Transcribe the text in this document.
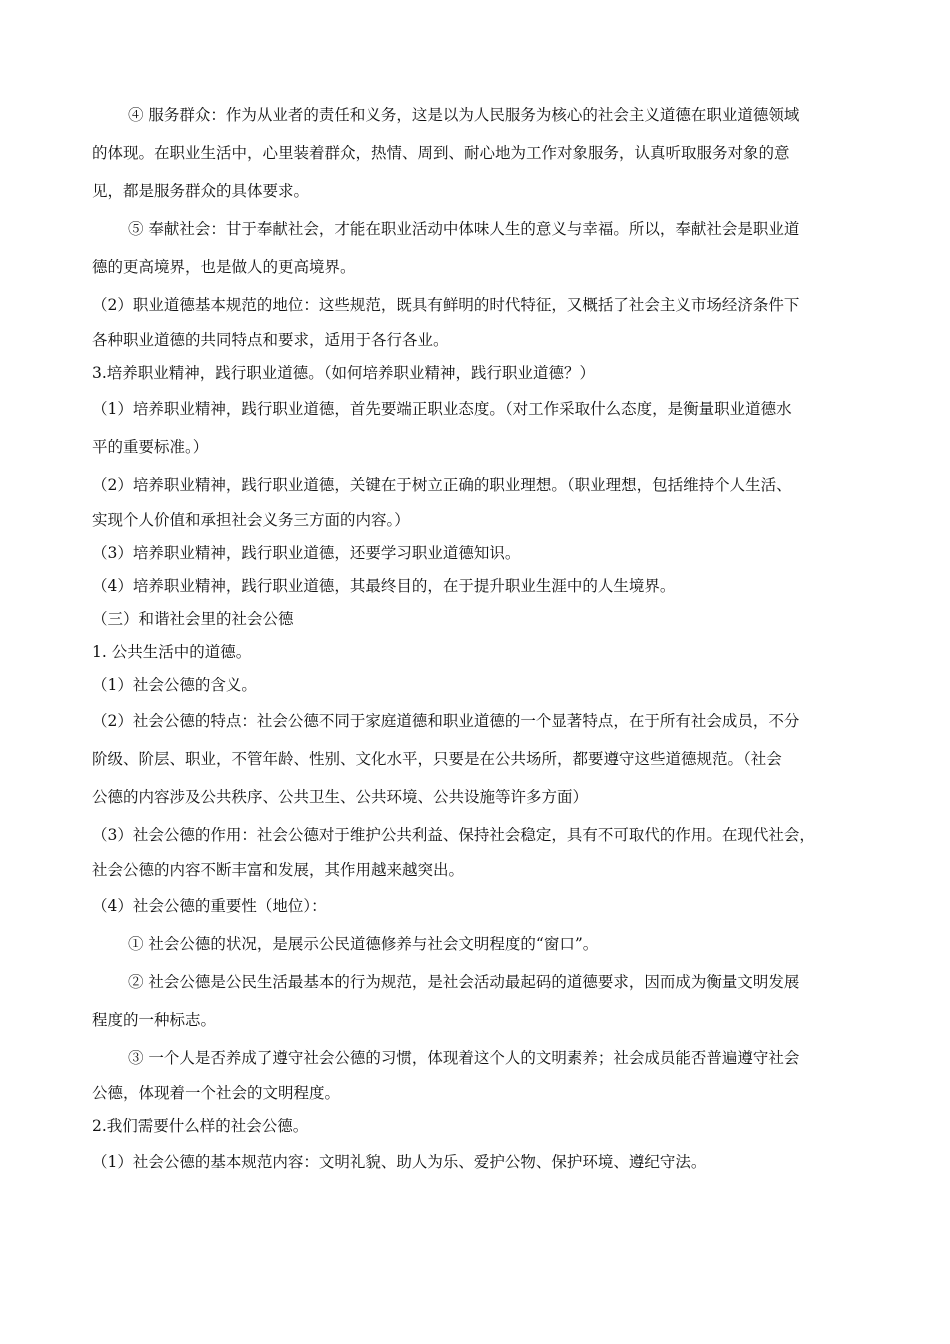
④ 服务群众：作为从业者的责任和义务，这是以为人民服务为核心的社会主义道德在职业道德领域
的体现。在职业生活中，心里装着群众，热情、周到、耐心地为工作对象服务，认真听取服务对象的意
见，都是服务群众的具体要求。
⑤ 奉献社会：甘于奉献社会，才能在职业活动中体味人生的意义与幸福。所以，奉献社会是职业道
德的更高境界，也是做人的更高境界。
（2）职业道德基本规范的地位：这些规范，既具有鲜明的时代特征，又概括了社会主义市场经济条件下
各种职业道德的共同特点和要求，适用于各行各业。
3.培养职业精神，践行职业道德。（如何培养职业精神，践行职业道德？）
（1）培养职业精神，践行职业道德，首先要端正职业态度。（对工作采取什么态度，是衡量职业道德水
平的重要标准。）
（2）培养职业精神，践行职业道德，关键在于树立正确的职业理想。（职业理想，包括维持个人生活、
实现个人价值和承担社会义务三方面的内容。）
（3）培养职业精神，践行职业道德，还要学习职业道德知识。
（4）培养职业精神，践行职业道德，其最终目的，在于提升职业生涯中的人生境界。
（三）和谐社会里的社会公德
1. 公共生活中的道德。
（1）社会公德的含义。
（2）社会公德的特点：社会公德不同于家庭道德和职业道德的一个显著特点，在于所有社会成员，不分
阶级、阶层、职业，不管年龄、性别、文化水平，只要是在公共场所，都要遵守这些道德规范。（社会
公德的内容涉及公共秩序、公共卫生、公共环境、公共设施等许多方面）
（3）社会公德的作用：社会公德对于维护公共利益、保持社会稳定，具有不可取代的作用。在现代社会，
社会公德的内容不断丰富和发展，其作用越来越突出。
（4）社会公德的重要性（地位）：
① 社会公德的状况，是展示公民道德修养与社会文明程度的“窗口”。
② 社会公德是公民生活最基本的行为规范，是社会活动最起码的道德要求，因而成为衡量文明发展
程度的一种标志。
③ 一个人是否养成了遵守社会公德的习惯，体现着这个人的文明素养；社会成员能否普遍遵守社会
公德，体现着一个社会的文明程度。
2.我们需要什么样的社会公德。
（1）社会公德的基本规范内容：文明礼貌、助人为乐、爱护公物、保护环境、遵纪守法。
